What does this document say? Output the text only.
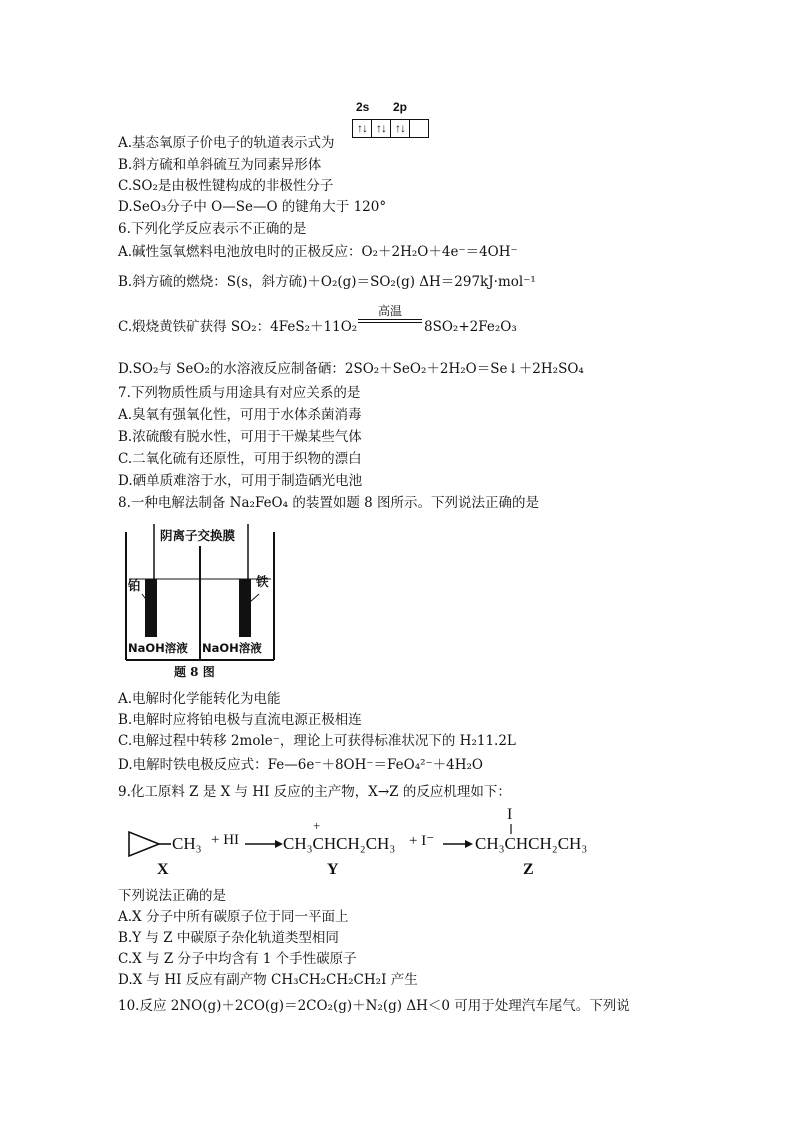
2s 2p
↑↓ ↑↓ ↑↓
A.基态氧原子价电子的轨道表示式为
B.斜方硫和单斜硫互为同素异形体
C.SO₂是由极性键构成的非极性分子
D.SeO₃分子中 O—Se—O 的键角大于 120°
6.下列化学反应表示不正确的是
A.碱性氢氧燃料电池放电时的正极反应：O₂＋2H₂O＋4e⁻＝4OH⁻
B.斜方硫的燃烧：S(s，斜方硫)＋O₂(g)＝SO₂(g) ΔH＝297kJ·mol⁻¹
C.煅烧黄铁矿获得 SO₂：4FeS₂＋11O₂
高温
8SO₂+2Fe₂O₃
D.SO₂与 SeO₂的水溶液反应制备硒：2SO₂＋SeO₂＋2H₂O＝Se↓＋2H₂SO₄
7.下列物质性质与用途具有对应关系的是
A.臭氧有强氧化性，可用于水体杀菌消毒
B.浓硫酸有脱水性，可用于干燥某些气体
C.二氧化硫有还原性，可用于织物的漂白
D.硒单质难溶于水，可用于制造硒光电池
8.一种电解法制备 Na₂FeO₄ 的装置如题 8 图所示。下列说法正确的是
阴离子交换膜
铂	铁
NaOH溶液 NaOH溶液
题 8 图
A.电解时化学能转化为电能
B.电解时应将铂电极与直流电源正极相连
C.电解过程中转移 2mole⁻，理论上可获得标准状况下的 H₂11.2L
D.电解时铁电极反应式：Fe—6e⁻＋8OH⁻＝FeO₄²⁻＋4H₂O
9.化工原料 Z 是 X 与 HI 反应的主产物，X→Z 的反应机理如下：
CH₃ + HI
+
CH₃CHCH₂CH₃ + I⁻
I
CH₃CHCH₂CH₃
X	Y	Z
下列说法正确的是
A.X 分子中所有碳原子位于同一平面上
B.Y 与 Z 中碳原子杂化轨道类型相同
C.X 与 Z 分子中均含有 1 个手性碳原子
D.X 与 HI 反应有副产物 CH₃CH₂CH₂CH₂I 产生
10.反应 2NO(g)＋2CO(g)＝2CO₂(g)＋N₂(g) ΔH＜0 可用于处理汽车尾气。下列说
